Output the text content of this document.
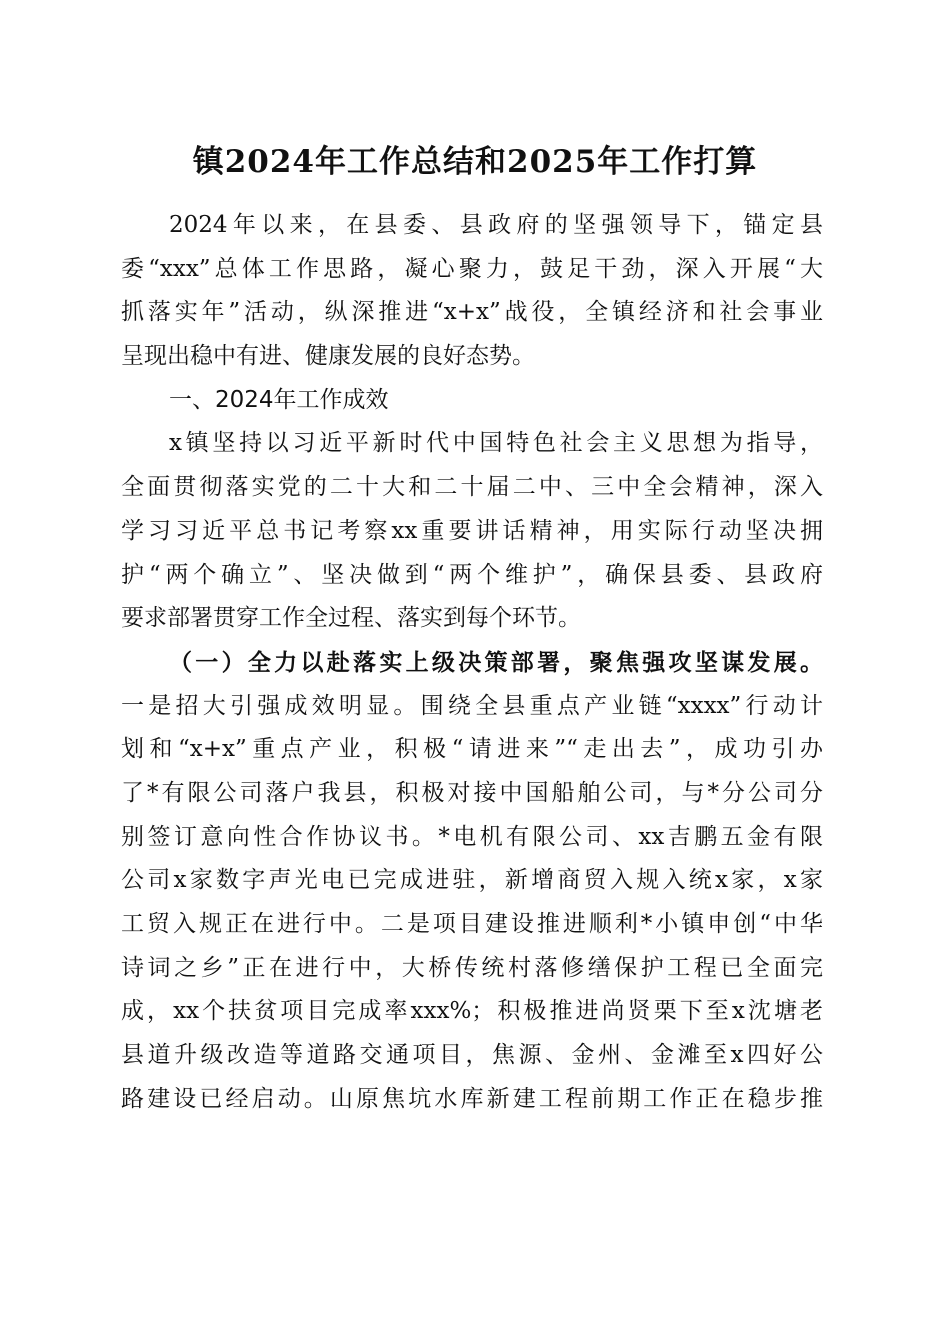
镇2024年工作总结和2025年工作打算
2024年以来，在县委、县政府的坚强领导下，锚定县
委“xxx”总体工作思路，凝心聚力，鼓足干劲，深入开展“大
抓落实年”活动，纵深推进“x+x”战役，全镇经济和社会事业
呈现出稳中有进、健康发展的良好态势。
一、2024年工作成效
x镇坚持以习近平新时代中国特色社会主义思想为指导，
全面贯彻落实党的二十大和二十届二中、三中全会精神，深入
学习习近平总书记考察xx重要讲话精神，用实际行动坚决拥
护“两个确立”、坚决做到“两个维护”，确保县委、县政府
要求部署贯穿工作全过程、落实到每个环节。
（一）全力以赴落实上级决策部署，聚焦强攻坚谋发展。
一是招大引强成效明显。围绕全县重点产业链“xxxx”行动计
划和“x+x”重点产业，积极“请进来”“走出去”，成功引办
了*有限公司落户我县，积极对接中国船舶公司，与*分公司分
别签订意向性合作协议书。*电机有限公司、xx吉鹏五金有限
公司x家数字声光电已完成进驻，新增商贸入规入统x家，x家
工贸入规正在进行中。二是项目建设推进顺利*小镇申创“中华
诗词之乡”正在进行中，大桥传统村落修缮保护工程已全面完
成，xx个扶贫项目完成率xxx%；积极推进尚贤栗下至x沈塘老
县道升级改造等道路交通项目，焦源、金州、金滩至x四好公
路建设已经启动。山原焦坑水库新建工程前期工作正在稳步推
